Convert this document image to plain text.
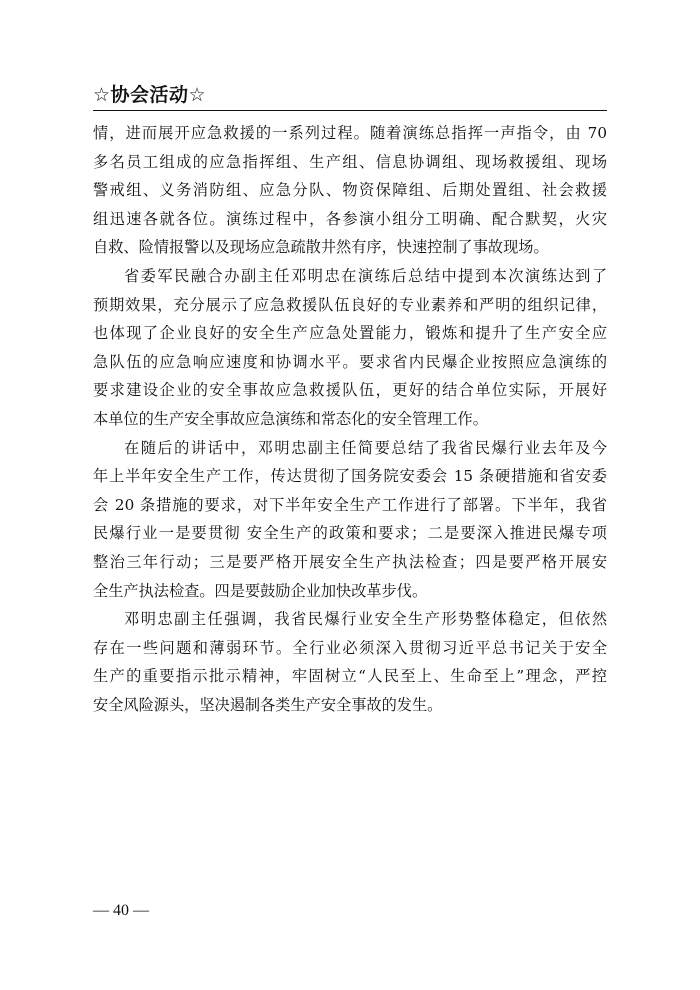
☆协会活动☆
情，进而展开应急救援的一系列过程。随着演练总指挥一声指令，由 70
多名员工组成的应急指挥组、生产组、信息协调组、现场救援组、现场
警戒组、义务消防组、应急分队、物资保障组、后期处置组、社会救援
组迅速各就各位。演练过程中，各参演小组分工明确、配合默契，火灾
自救、险情报警以及现场应急疏散井然有序，快速控制了事故现场。
省委军民融合办副主任邓明忠在演练后总结中提到本次演练达到了
预期效果，充分展示了应急救援队伍良好的专业素养和严明的组织记律，
也体现了企业良好的安全生产应急处置能力，锻炼和提升了生产安全应
急队伍的应急响应速度和协调水平。要求省内民爆企业按照应急演练的
要求建设企业的安全事故应急救援队伍，更好的结合单位实际，开展好
本单位的生产安全事故应急演练和常态化的安全管理工作。
在随后的讲话中，邓明忠副主任简要总结了我省民爆行业去年及今
年上半年安全生产工作，传达贯彻了国务院安委会 15 条硬措施和省安委
会 20 条措施的要求，对下半年安全生产工作进行了部署。下半年，我省
民爆行业一是要贯彻 安全生产的政策和要求；二是要深入推进民爆专项
整治三年行动；三是要严格开展安全生产执法检查；四是要严格开展安
全生产执法检查。四是要鼓励企业加快改革步伐。
邓明忠副主任强调，我省民爆行业安全生产形势整体稳定，但依然
存在一些问题和薄弱环节。全行业必须深入贯彻习近平总书记关于安全
生产的重要指示批示精神，牢固树立“人民至上、生命至上”理念，严控
安全风险源头，坚决遏制各类生产安全事故的发生。
— 40 —
